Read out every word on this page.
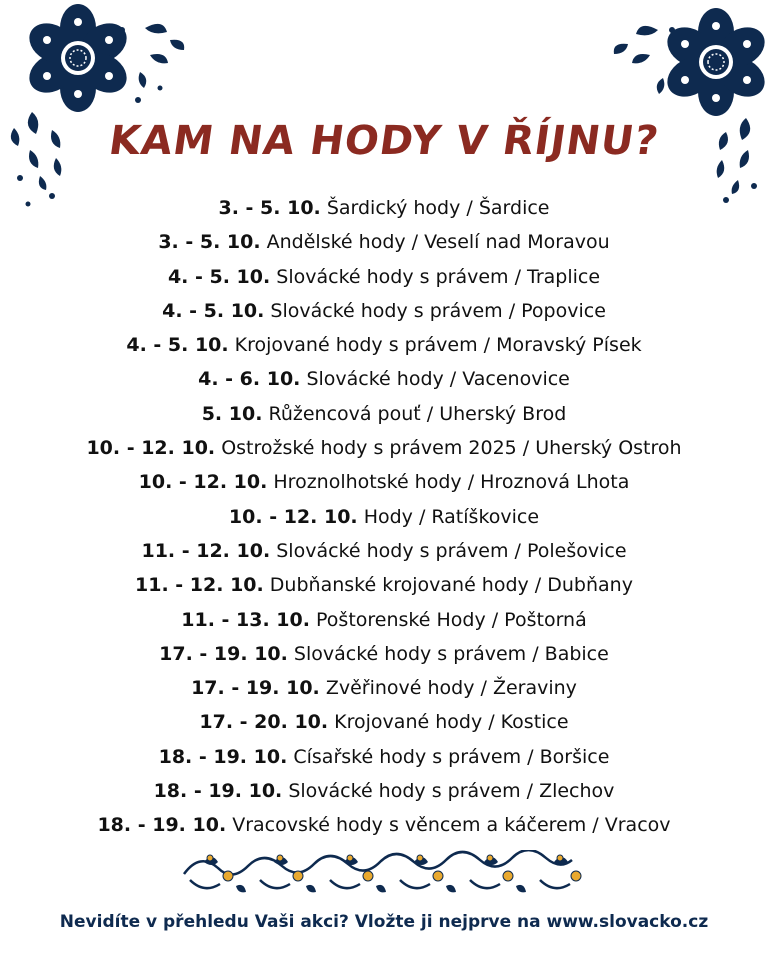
KAM NA HODY V ŘÍJNU?
3. - 5. 10. Šardický hody / Šardice
3. - 5. 10. Andělské hody / Veselí nad Moravou
4. - 5. 10. Slovácké hody s právem / Traplice
4. - 5. 10. Slovácké hody s právem / Popovice
4. - 5. 10. Krojované hody s právem / Moravský Písek
4. - 6. 10. Slovácké hody / Vacenovice
5. 10. Růžencová pouť / Uherský Brod
10. - 12. 10. Ostrožské hody s právem 2025 / Uherský Ostroh
10. - 12. 10. Hroznolhotské hody / Hroznová Lhota
10. - 12. 10. Hody / Ratíškovice
11. - 12. 10. Slovácké hody s právem / Polešovice
11. - 12. 10. Dubňanské krojované hody / Dubňany
11. - 13. 10. Poštorenské Hody / Poštorná
17. - 19. 10. Slovácké hody s právem / Babice
17. - 19. 10. Zvěřinové hody / Žeraviny
17. - 20. 10. Krojované hody / Kostice
18. - 19. 10. Císařské hody s právem / Boršice
18. - 19. 10. Slovácké hody s právem / Zlechov
18. - 19. 10. Vracovské hody s věncem a káčerem / Vracov
Nevidíte v přehledu Vaši akci? Vložte ji nejprve na www.slovacko.cz
